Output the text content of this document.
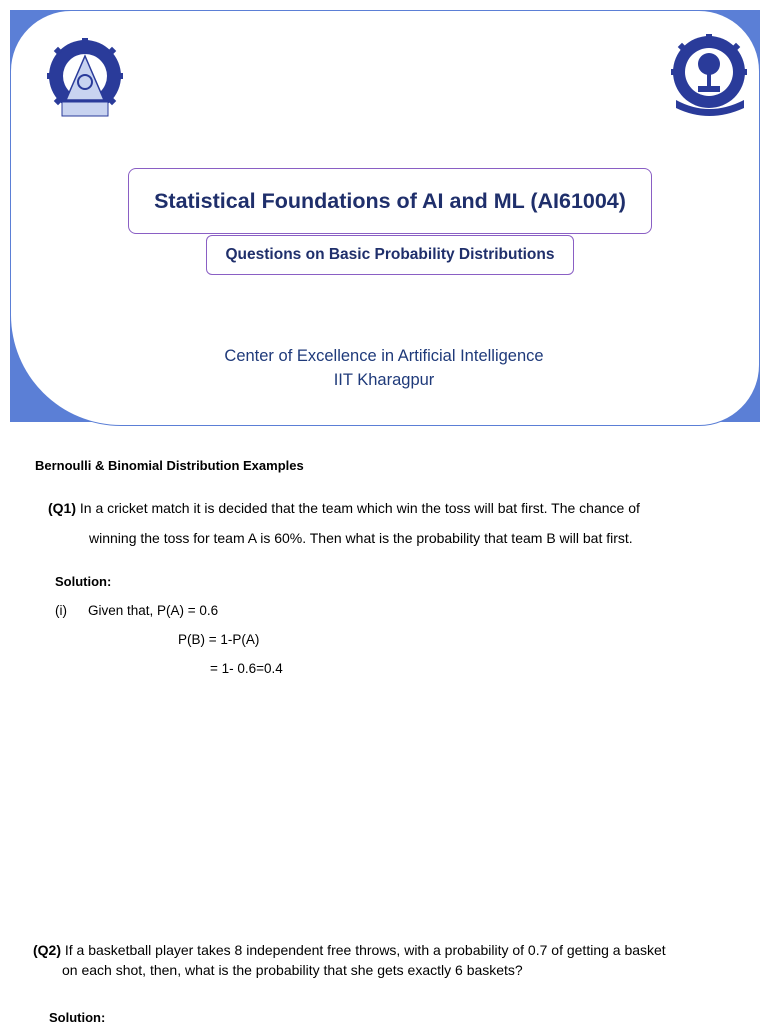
Statistical Foundations of AI and ML (AI61004)
Questions on Basic Probability Distributions
Center of Excellence in Artificial Intelligence
IIT Kharagpur
Bernoulli & Binomial Distribution Examples
(Q1) In a cricket match it is decided that the team which win the toss will bat first. The chance of
winning the toss for team A is 60%. Then what is the probability that team B will bat first.
Solution:
(i) Given that, P(A) = 0.6
P(B) = 1-P(A)
= 1- 0.6=0.4
(Q2) If a basketball player takes 8 independent free throws, with a probability of 0.7 of getting a basket
on each shot, then, what is the probability that she gets exactly 6 baskets?
Solution:
